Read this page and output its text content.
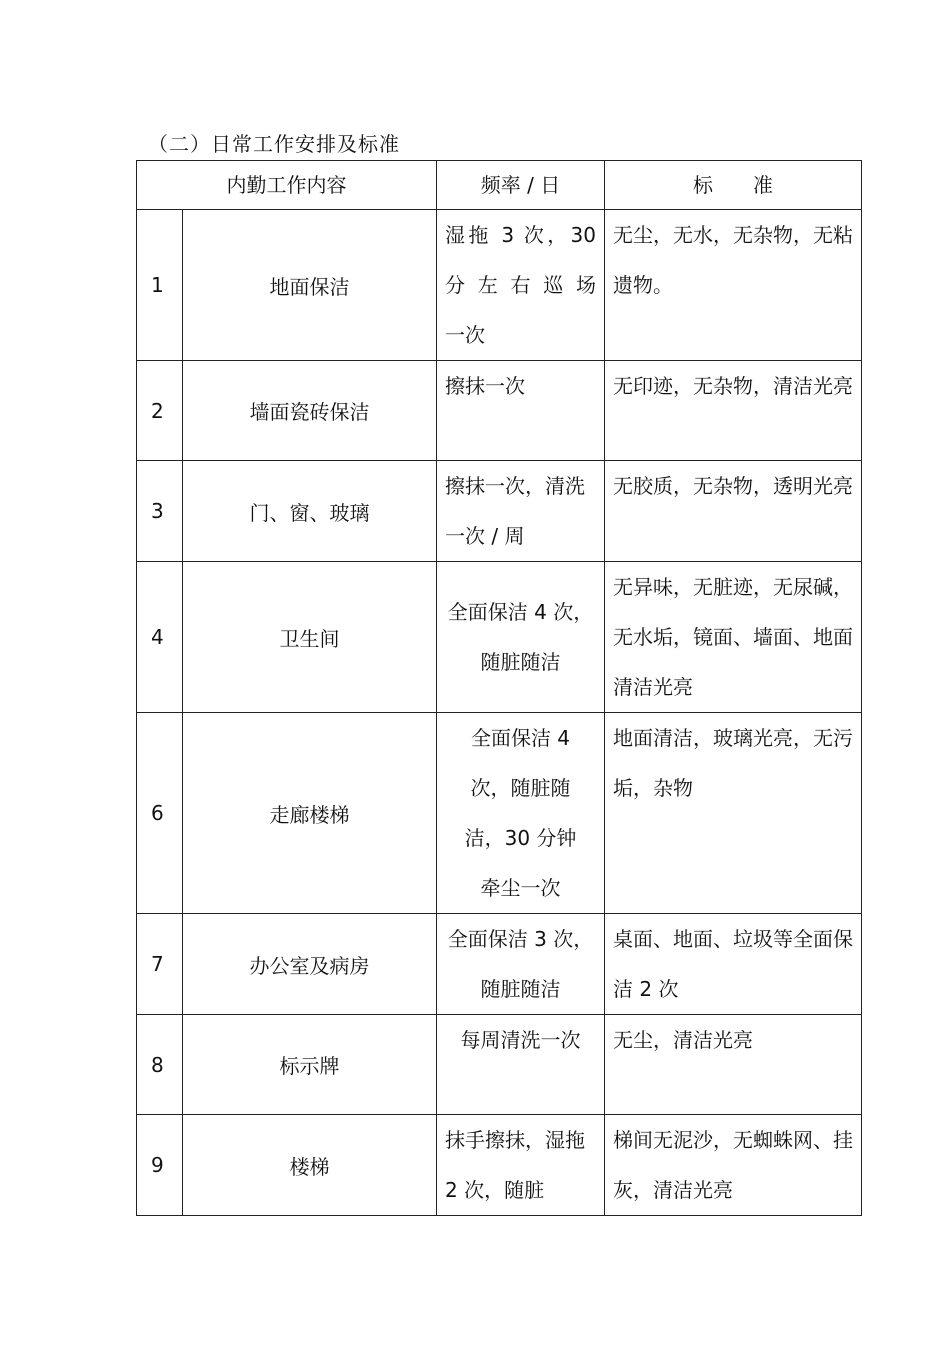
（二）日常工作安排及标准
内勤工作内容		频率 / 日	标　　准
1	地面保洁	湿拖 3 次，30 分 左 右 巡 场 一次	无尘，无水，无杂物，无粘遗物。

2	墙面瓷砖保洁	擦抹一次	无印迹，无杂物，清洁光亮

3	门、窗、玻璃	擦抹一次，清洗一次 / 周	无胶质，无杂物，透明光亮

4	卫生间	全面保洁 4 次，随脏随洁	无异味，无脏迹，无尿碱，无水垢，镜面、墙面、地面清洁光亮

6	走廊楼梯	全面保洁 4 次，随脏随洁，30 分钟牵尘一次	地面清洁，玻璃光亮，无污垢，杂物

7	办公室及病房	全面保洁 3 次，随脏随洁	桌面、地面、垃圾等全面保洁 2 次

8	标示牌	每周清洗一次	无尘，清洁光亮

9	楼梯	抹手擦抹，湿拖 2 次，随脏	梯间无泥沙，无蜘蛛网、挂灰，清洁光亮
